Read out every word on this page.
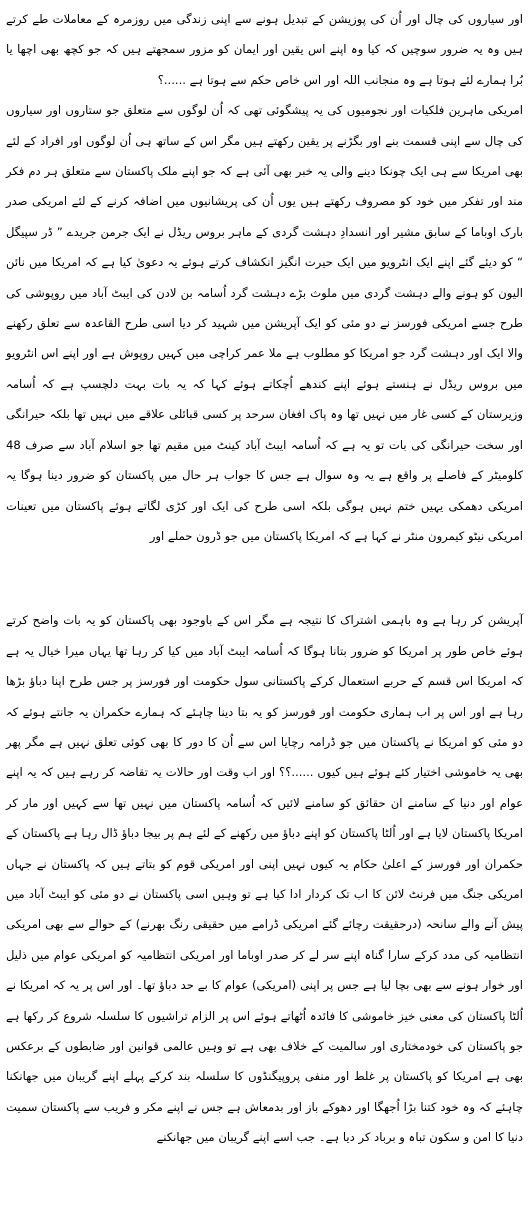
اور سیاروں کی چال اور اُن کی پوزیشن کے تبدیل ہونے سے اپنی زندگی میں روزمرہ کے معاملات طے کرتے ہیں وہ یہ ضرور سوچیں کہ کیا وہ اپنے اس یقین اور ایمان کو مزور سمجھتے ہیں کہ جو کچھ بھی اچھا یا بُرا ہمارے لئے ہوتا ہے وہ منجانب اللہ اور اس خاص حکم سے ہوتا ہے ......؟

امریکی ماہرین فلکیات اور نجومیوں کی یہ پیشگوئی تھی کہ اُن لوگوں سے متعلق جو ستاروں اور سیاروں کی چال سے اپنی قسمت بنے اور بگڑنے پر یقین رکھتے ہیں مگر اس کے ساتھ ہی اُن لوگوں اور افراد کے لئے بھی امریکا سے ہی ایک چونکا دینے والی یہ خبر بھی آئی ہے کہ جو اپنے ملک پاکستان سے متعلق ہر دم فکر مند اور تفکر میں خود کو مصروف رکھتے ہیں یوں اُن کی پریشانیوں میں اضافہ کرنے کے لئے امریکی صدر بارک اوباما کے سابق مشیر اور انسدادِ دہشت گردی کے ماہر بروس ریڈل نے ایک جرمن جریدے ” ڈر سپیگل “ کو دیئے گئے اپنے ایک انٹرویو میں ایک حیرت انگیز انکشاف کرتے ہوئے یہ دعویٰ کیا ہے کہ امریکا میں نائن الیون کو ہونے والے دہشت گردی میں ملوث بڑے دہشت گرد اُسامہ بن لادن کی ایبٹ آباد میں روپوشی کی طرح جسے امریکی فورسز نے دو مئی کو ایک آپریشن میں شہید کر دیا اسی طرح القاعدہ سے تعلق رکھنے والا ایک اور دہشت گرد جو امریکا کو مطلوب ہے ملا عمر کراچی میں کہیں روپوش ہے اور اپنے اس انٹرویو میں بروس ریڈل نے ہنستے ہوئے اپنے کندھے اُچکاتے ہوئے کہا کہ یہ بات بہت دلچسپ ہے کہ اُسامہ وزیرستان کے کسی غار میں نہیں تھا وہ پاک افغان سرحد پر کسی قبائلی علاقے میں نہیں تھا بلکہ حیرانگی اور سخت حیرانگی کی بات تو یہ ہے کہ اُسامہ ایبٹ آباد کینٹ میں مقیم تھا جو اسلام آباد سے صرف 48 کلومیٹر کے فاصلے پر واقع ہے یہ وہ سوال ہے جس کا جواب ہر حال میں پاکستان کو ضرور دینا ہوگا یہ امریکی دھمکی یہیں ختم نہیں ہوگی بلکہ اسی طرح کی ایک اور کڑی لگاتے ہوئے پاکستان میں تعینات امریکی نیٹو کیمرون منٹر نے کہا ہے کہ امریکا پاکستان میں جو ڈرون حملے اور

آپریشن کر رہا ہے وہ باہمی اشتراک کا نتیجہ ہے مگر اس کے باوجود بھی پاکستان کو یہ بات واضح کرتے ہوئے خاص طور پر امریکا کو ضرور بتانا ہوگا کہ اُسامہ ایبٹ آباد میں کیا کر رہا تھا یہاں میرا خیال یہ ہے کہ امریکا اس قسم کے حربے استعمال کرکے پاکستانی سول حکومت اور فورسز پر جس طرح اپنا دباؤ بڑھا رہا ہے اور اس پر اب ہماری حکومت اور فورسز کو یہ بتا دینا چاہئے کہ ہمارے حکمران یہ جانتے ہوئے کہ دو مئی کو امریکا نے پاکستان میں جو ڈرامہ رچایا اس سے اُن کا دور کا بھی کوئی تعلق نہیں ہے مگر پھر بھی یہ خاموشی اختیار کئے ہوئے ہیں کیوں ......؟؟ اور اب وقت اور حالات یہ تقاضہ کر رہے ہیں کہ یہ اپنے عوام اور دنیا کے سامنے ان حقائق کو سامنے لائیں کہ اُسامہ پاکستان میں نہیں تھا سے کہیں اور مار کر امریکا پاکستان لایا ہے اور اُلٹا پاکستان کو اپنے دباؤ میں رکھنے کے لئے ہم پر بیجا دباؤ ڈال رہا ہے پاکستان کے حکمران اور فورسز کے اعلیٰ حکام یہ کیوں نہیں اپنی اور امریکی قوم کو بتاتے ہیں کہ پاکستان نے جہاں امریکی جنگ میں فرنٹ لائن کا اب تک کردار ادا کیا ہے تو وہیں اسی پاکستان نے دو مئی کو ایبٹ آباد میں پیش آنے والے سانحہ (درحقیقت رچائے گئے امریکی ڈرامے میں حقیقی رنگ بھرنے) کے حوالے سے بھی امریکی انتظامیہ کی مدد کرکے سارا گناہ اپنے سر لے کر صدر اوباما اور امریکی انتظامیہ کو امریکی عوام میں ذلیل اور خوار ہونے سے بھی بچا لیا ہے جس پر اپنی (امریکی) عوام کا بے حد دباؤ تھا۔ اور اس پر یہ کہ امریکا نے اُلٹا پاکستان کی معنی خیز خاموشی کا فائدہ اُٹھاتے ہوئے اس پر الزام تراشیوں کا سلسلہ شروع کر رکھا ہے جو پاکستان کی خودمختاری اور سالمیت کے خلاف بھی ہے تو وہیں عالمی قوانین اور ضابطوں کے برعکس بھی ہے امریکا کو پاکستان پر غلط اور منفی پروپیگنڈوں کا سلسلہ بند کرکے پہلے اپنے گریبان میں جھانکنا چاہئے کہ وہ خود کتنا بڑا اُجھگا اور دھوکے باز اور بدمعاش ہے جس نے اپنے مکر و فریب سے پاکستان سمیت دنیا کا امن و سکون تباہ و برباد کر دیا ہے۔ جب اسے اپنے گریبان میں جھانکنے
